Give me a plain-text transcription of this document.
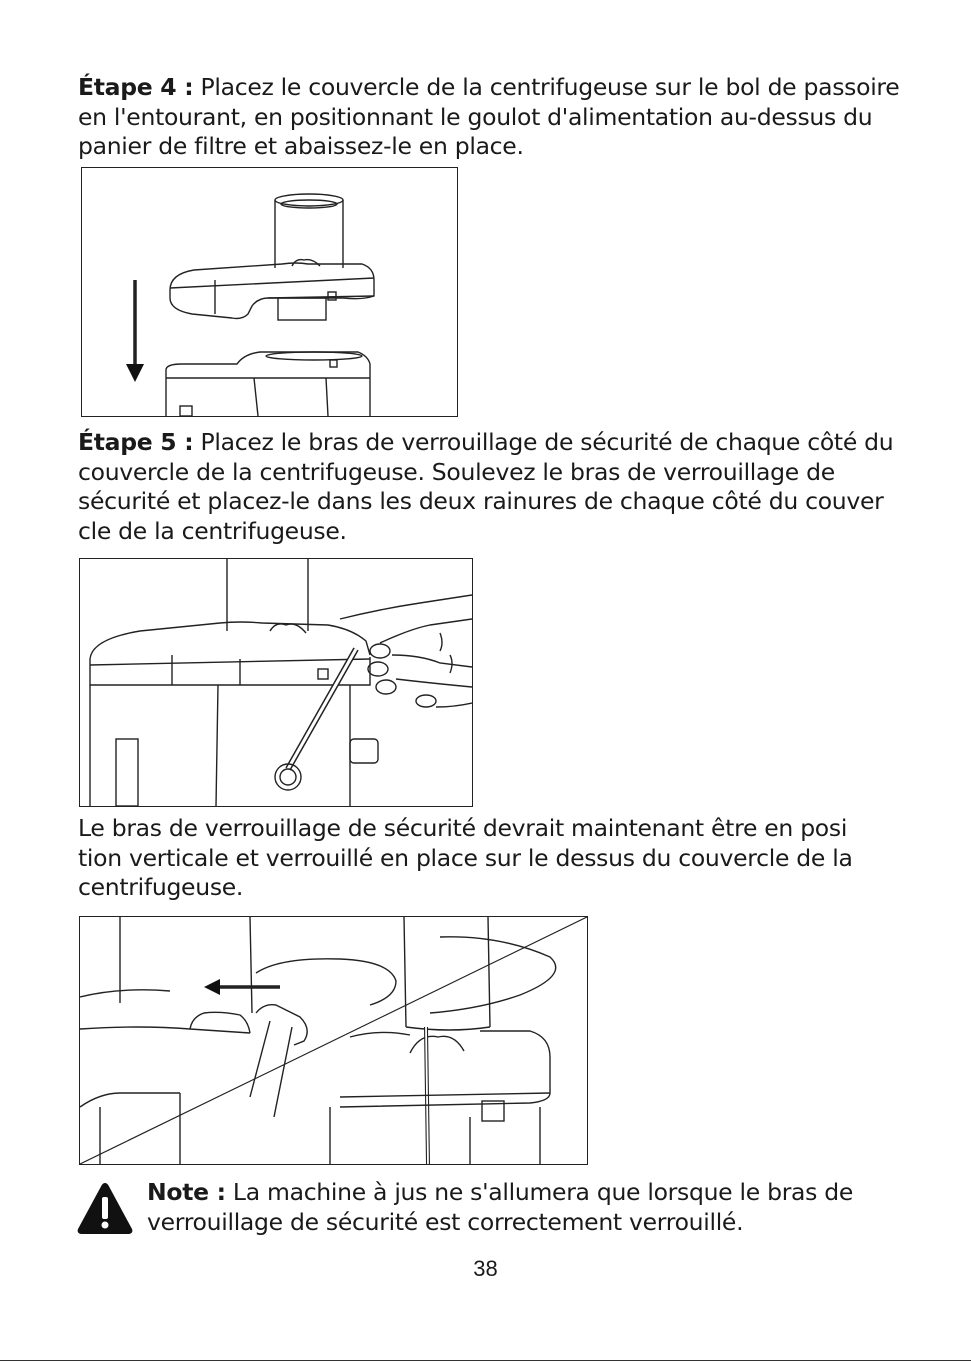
Étape 4 : Placez le couvercle de la centrifugeuse sur le bol de passoire
en l'entourant, en positionnant le goulot d'alimentation au-dessus du
panier de filtre et abaissez-le en place.
Étape 5 : Placez le bras de verrouillage de sécurité de chaque côté du
couvercle de la centrifugeuse. Soulevez le bras de verrouillage de
sécurité et placez-le dans les deux rainures de chaque côté du couver
cle de la centrifugeuse.
Le bras de verrouillage de sécurité devrait maintenant être en posi
tion verticale et verrouillé en place sur le dessus du couvercle de la
centrifugeuse.
Note : La machine à jus ne s'allumera que lorsque le bras de
verrouillage de sécurité est correctement verrouillé.
38
